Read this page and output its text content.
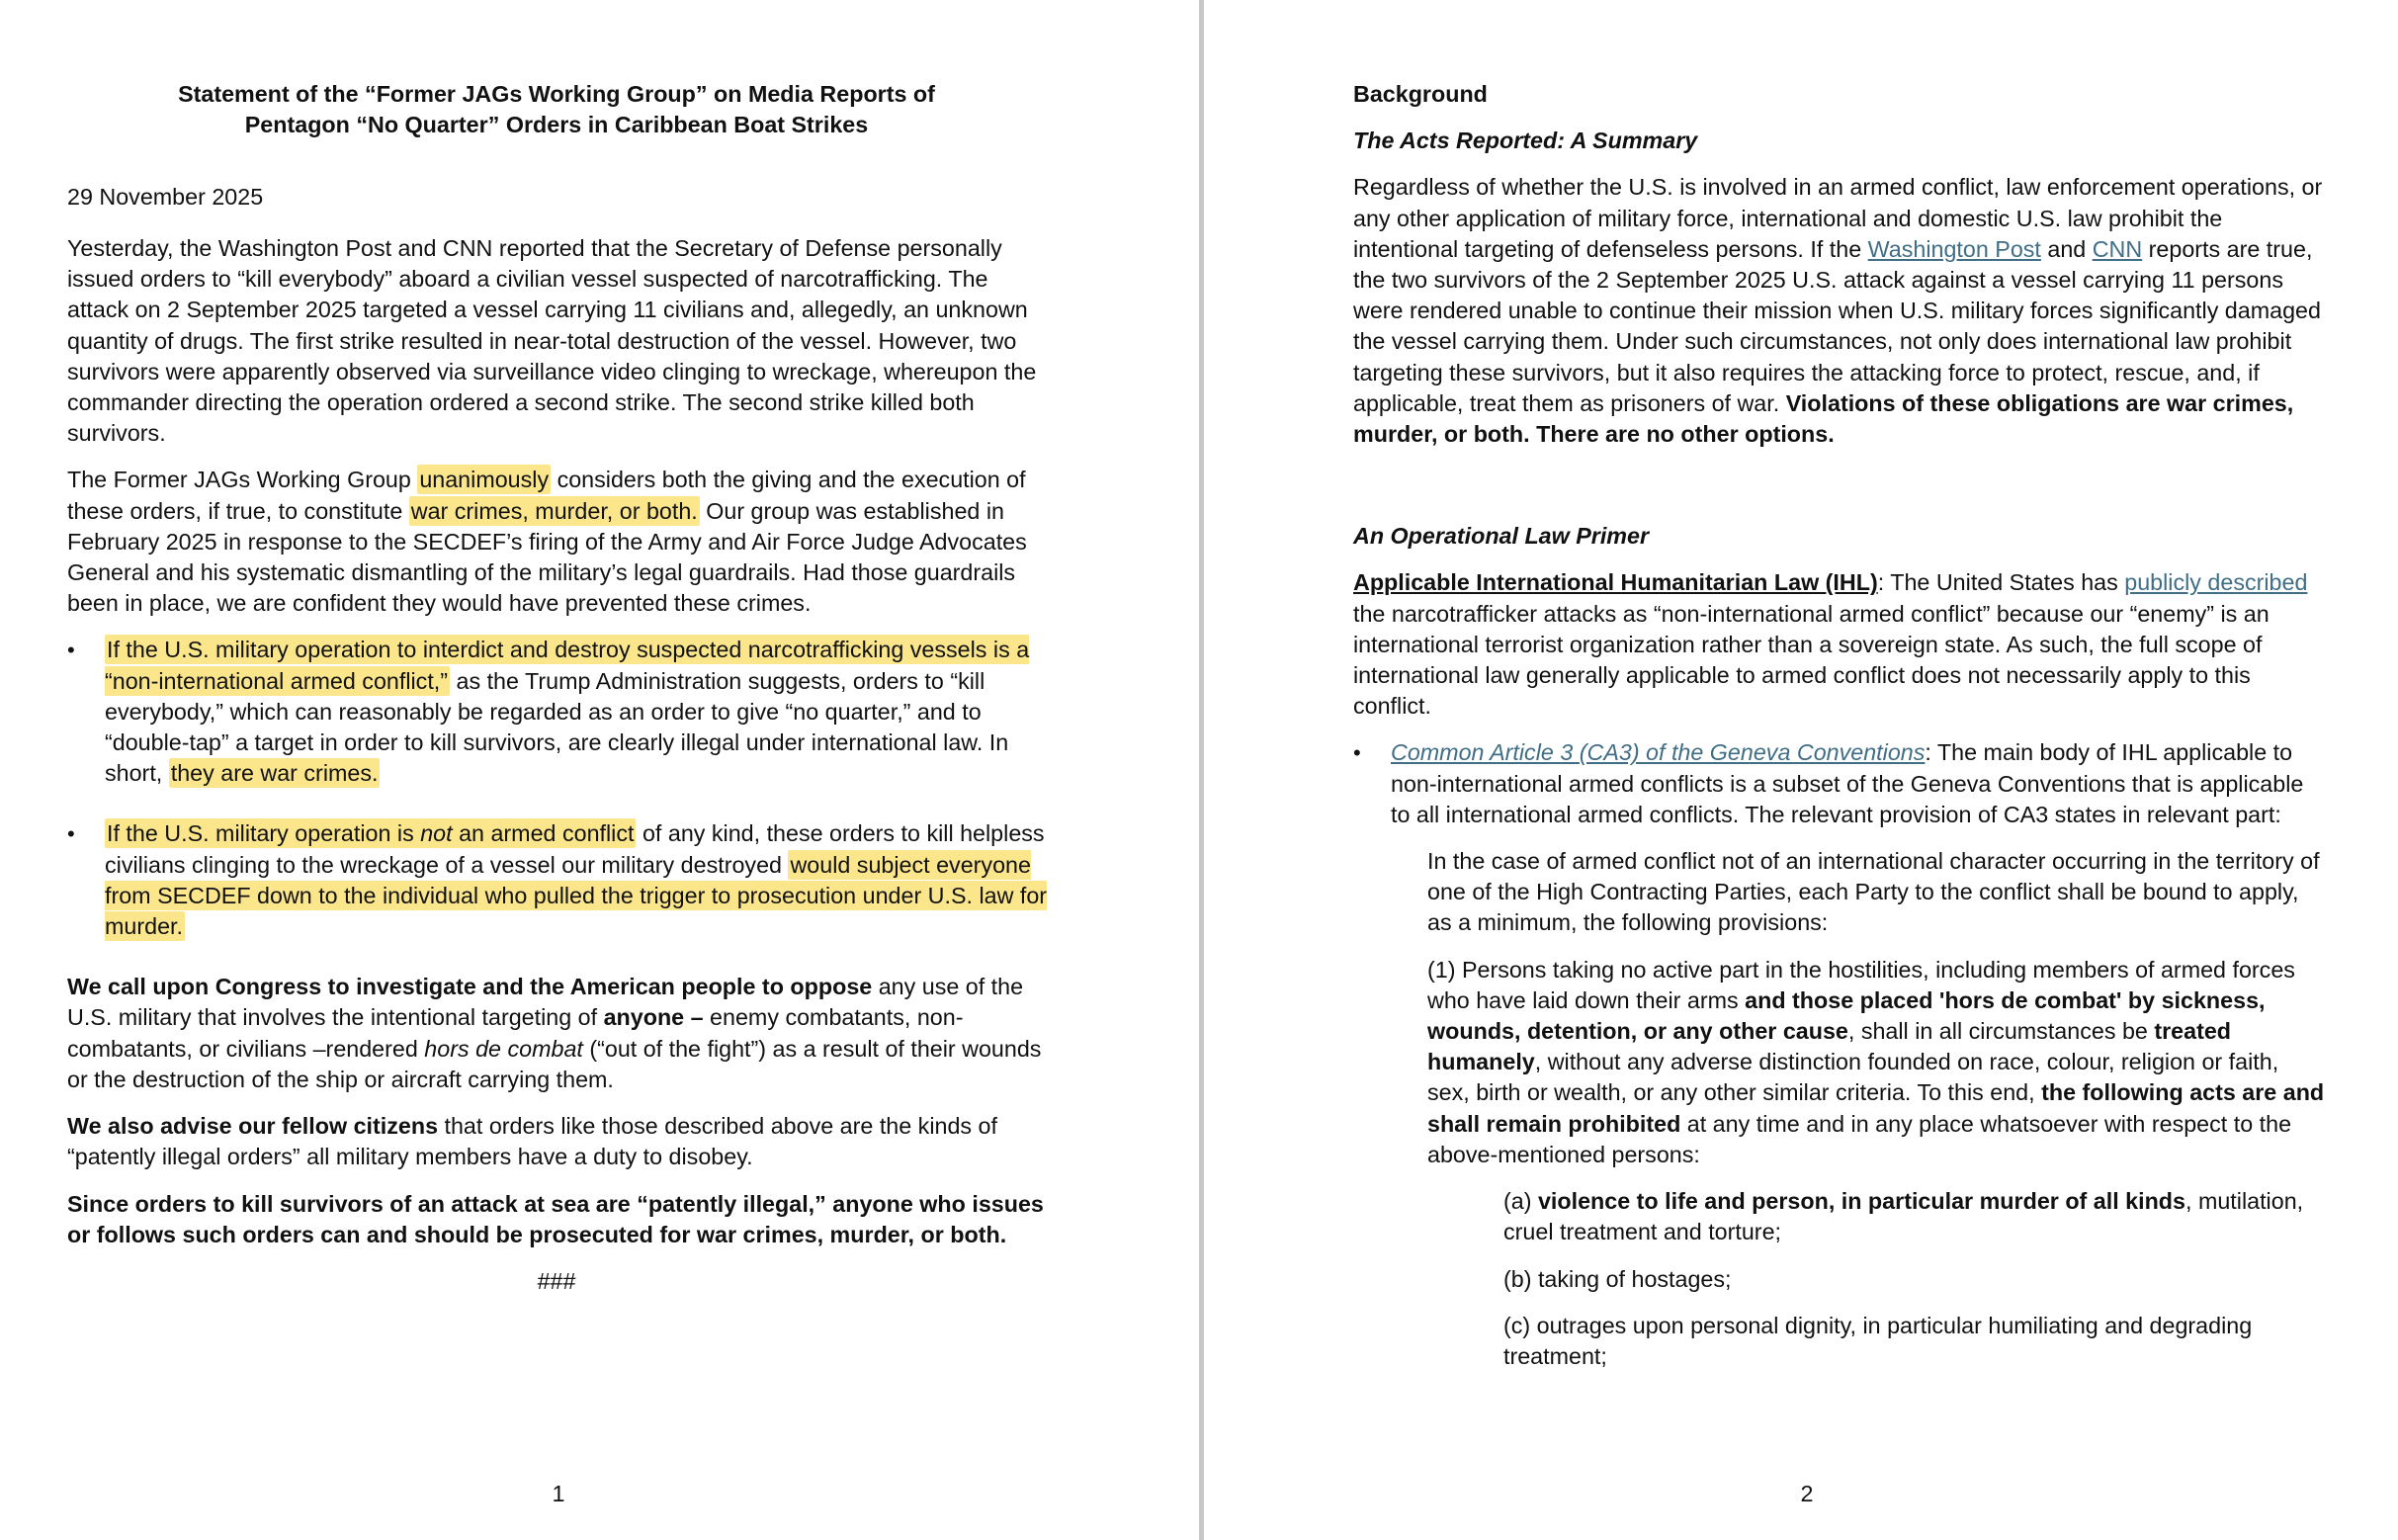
Statement of the “Former JAGs Working Group” on Media Reports of
Pentagon “No Quarter” Orders in Caribbean Boat Strikes
29 November 2025

Yesterday, the Washington Post and CNN reported that the Secretary of Defense personally issued orders to “kill everybody” aboard a civilian vessel suspected of narcotrafficking. The attack on 2 September 2025 targeted a vessel carrying 11 civilians and, allegedly, an unknown quantity of drugs. The first strike resulted in near-total destruction of the vessel. However, two survivors were apparently observed via surveillance video clinging to wreckage, whereupon the commander directing the operation ordered a second strike. The second strike killed both survivors.

The Former JAGs Working Group unanimously considers both the giving and the execution of these orders, if true, to constitute war crimes, murder, or both. Our group was established in February 2025 in response to the SECDEF’s firing of the Army and Air Force Judge Advocates General and his systematic dismantling of the military’s legal guardrails. Had those guardrails been in place, we are confident they would have prevented these crimes.

• If the U.S. military operation to interdict and destroy suspected narcotrafficking vessels is a “non-international armed conflict,” as the Trump Administration suggests, orders to “kill everybody,” which can reasonably be regarded as an order to give “no quarter,” and to “double-tap” a target in order to kill survivors, are clearly illegal under international law. In short, they are war crimes.
• If the U.S. military operation is not an armed conflict of any kind, these orders to kill helpless civilians clinging to the wreckage of a vessel our military destroyed would subject everyone from SECDEF down to the individual who pulled the trigger to prosecution under U.S. law for murder.

We call upon Congress to investigate and the American people to oppose any use of the U.S. military that involves the intentional targeting of anyone – enemy combatants, non-combatants, or civilians –rendered hors de combat (“out of the fight”) as a result of their wounds or the destruction of the ship or aircraft carrying them.

We also advise our fellow citizens that orders like those described above are the kinds of “patently illegal orders” all military members have a duty to disobey.

Since orders to kill survivors of an attack at sea are “patently illegal,” anyone who issues or follows such orders can and should be prosecuted for war crimes, murder, or both.

###
1
Background
The Acts Reported: A Summary

Regardless of whether the U.S. is involved in an armed conflict, law enforcement operations, or any other application of military force, international and domestic U.S. law prohibit the intentional targeting of defenseless persons. If the Washington Post and CNN reports are true, the two survivors of the 2 September 2025 U.S. attack against a vessel carrying 11 persons were rendered unable to continue their mission when U.S. military forces significantly damaged the vessel carrying them. Under such circumstances, not only does international law prohibit targeting these survivors, but it also requires the attacking force to protect, rescue, and, if applicable, treat them as prisoners of war. Violations of these obligations are war crimes, murder, or both. There are no other options.

An Operational Law Primer

Applicable International Humanitarian Law (IHL): The United States has publicly described the narcotrafficker attacks as “non-international armed conflict” because our “enemy” is an international terrorist organization rather than a sovereign state. As such, the full scope of international law generally applicable to armed conflict does not necessarily apply to this conflict.

• Common Article 3 (CA3) of the Geneva Conventions: The main body of IHL applicable to non-international armed conflicts is a subset of the Geneva Conventions that is applicable to all international armed conflicts. The relevant provision of CA3 states in relevant part:

In the case of armed conflict not of an international character occurring in the territory of one of the High Contracting Parties, each Party to the conflict shall be bound to apply, as a minimum, the following provisions:

(1) Persons taking no active part in the hostilities, including members of armed forces who have laid down their arms and those placed 'hors de combat' by sickness, wounds, detention, or any other cause, shall in all circumstances be treated humanely, without any adverse distinction founded on race, colour, religion or faith, sex, birth or wealth, or any other similar criteria. To this end, the following acts are and shall remain prohibited at any time and in any place whatsoever with respect to the above-mentioned persons:

(a) violence to life and person, in particular murder of all kinds, mutilation, cruel treatment and torture;

(b) taking of hostages;

(c) outrages upon personal dignity, in particular humiliating and degrading treatment;

2
